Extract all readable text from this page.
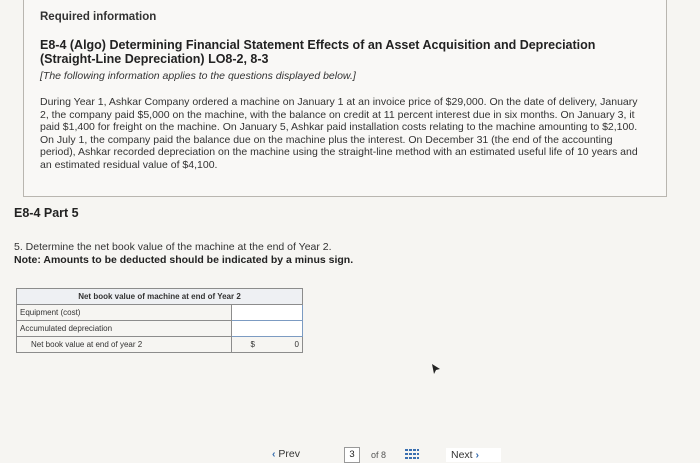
Required information
E8-4 (Algo) Determining Financial Statement Effects of an Asset Acquisition and Depreciation (Straight-Line Depreciation) LO8-2, 8-3
[The following information applies to the questions displayed below.]
During Year 1, Ashkar Company ordered a machine on January 1 at an invoice price of $29,000. On the date of delivery, January 2, the company paid $5,000 on the machine, with the balance on credit at 11 percent interest due in six months. On January 3, it paid $1,400 for freight on the machine. On January 5, Ashkar paid installation costs relating to the machine amounting to $2,100. On July 1, the company paid the balance due on the machine plus the interest. On December 31 (the end of the accounting period), Ashkar recorded depreciation on the machine using the straight-line method with an estimated useful life of 10 years and an estimated residual value of $4,100.
E8-4 Part 5
5. Determine the net book value of the machine at the end of Year 2.
Note: Amounts to be deducted should be indicated by a minus sign.
Net book value of machine at end of Year 2	
Equipment (cost)	
Accumulated depreciation	
Net book value at end of year 2	$ 0
‹ Prev	3	of 8	Next ›
